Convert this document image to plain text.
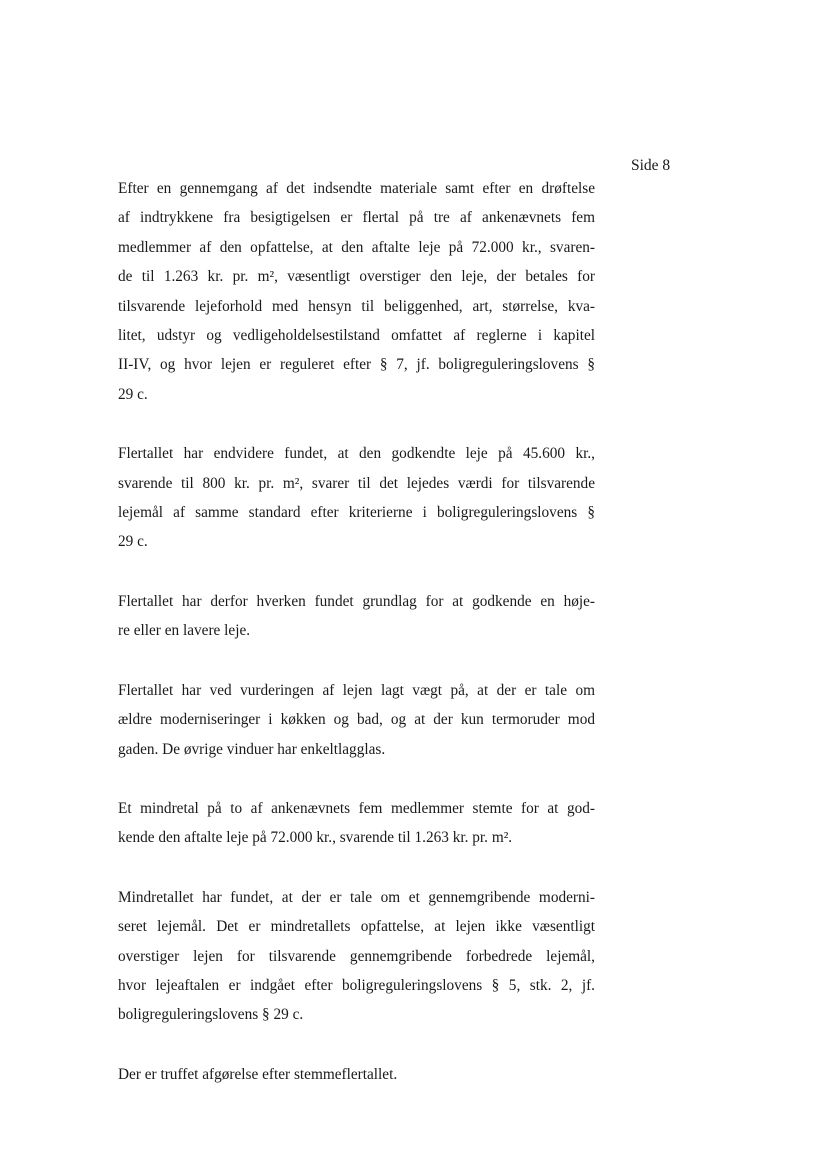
Side 8

Efter en gennemgang af det indsendte materiale samt efter en drøftelse
af indtrykkene fra besigtigelsen er flertal på tre af ankenævnets fem
medlemmer af den opfattelse, at den aftalte leje på 72.000 kr., svaren-
de til 1.263 kr. pr. m², væsentligt overstiger den leje, der betales for
tilsvarende lejeforhold med hensyn til beliggenhed, art, størrelse, kva-
litet, udstyr og vedligeholdelsestilstand omfattet af reglerne i kapitel
II-IV, og hvor lejen er reguleret efter § 7, jf. boligreguleringslovens §
29 c.

Flertallet har endvidere fundet, at den godkendte leje på 45.600 kr.,
svarende til 800 kr. pr. m², svarer til det lejedes værdi for tilsvarende
lejemål af samme standard efter kriterierne i boligreguleringslovens §
29 c.

Flertallet har derfor hverken fundet grundlag for at godkende en høje-
re eller en lavere leje.

Flertallet har ved vurderingen af lejen lagt vægt på, at der er tale om
ældre moderniseringer i køkken og bad, og at der kun termoruder mod
gaden. De øvrige vinduer har enkeltlagglas.

Et mindretal på to af ankenævnets fem medlemmer stemte for at god-
kende den aftalte leje på 72.000 kr., svarende til 1.263 kr. pr. m².

Mindretallet har fundet, at der er tale om et gennemgribende moderni-
seret lejemål. Det er mindretallets opfattelse, at lejen ikke væsentligt
overstiger lejen for tilsvarende gennemgribende forbedrede lejemål,
hvor lejeaftalen er indgået efter boligreguleringslovens § 5, stk. 2, jf.
boligreguleringslovens § 29 c.

Der er truffet afgørelse efter stemmeflertallet.
